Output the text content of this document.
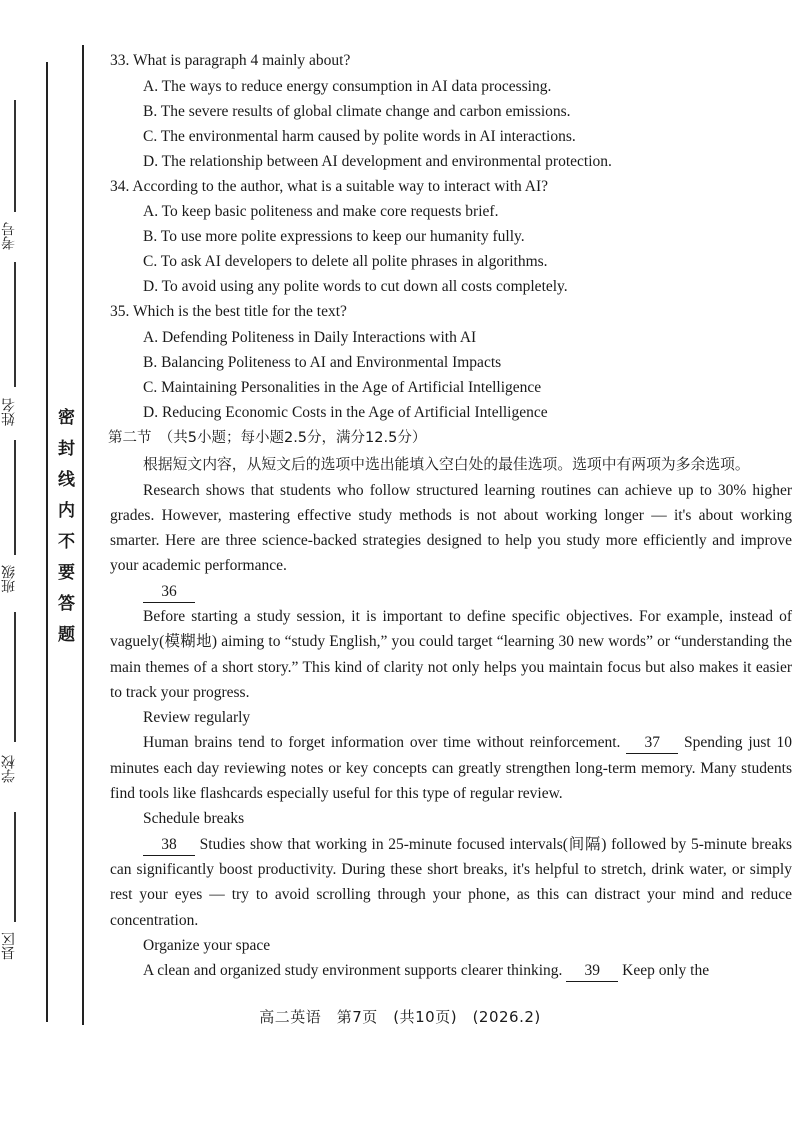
县区
学校
班级
姓名
考号
密封线内不要答题

33. What is paragraph 4 mainly about?

A. The ways to reduce energy consumption in AI data processing.

B. The severe results of global climate change and carbon emissions.

C. The environmental harm caused by polite words in AI interactions.

D. The relationship between AI development and environmental protection.

34. According to the author, what is a suitable way to interact with AI?

A. To keep basic politeness and make core requests brief.

B. To use more polite expressions to keep our humanity fully.

C. To ask AI developers to delete all polite phrases in algorithms.

D. To avoid using any polite words to cut down all costs completely.

35. Which is the best title for the text?

A. Defending Politeness in Daily Interactions with AI

B. Balancing Politeness to AI and Environmental Impacts

C. Maintaining Personalities in the Age of Artificial Intelligence

D. Reducing Economic Costs in the Age of Artificial Intelligence

第二节　（共5小题；每小题2.5分，满分12.5分）

根据短文内容，从短文后的选项中选出能填入空白处的最佳选项。选项中有两项为多余选项。

Research shows that students who follow structured learning routines can achieve up to 30% higher grades. However, mastering effective study methods is not about working longer — it's about working smarter. Here are three science-backed strategies designed to help you study more efficiently and improve your academic performance.

36

Before starting a study session, it is important to define specific objectives. For example, instead of vaguely(模糊地) aiming to “study English,” you could target “learning 30 new words” or “understanding the main themes of a short story.” This kind of clarity not only helps you maintain focus but also makes it easier to track your progress.

Review regularly

Human brains tend to forget information over time without reinforcement. 37 Spending just 10 minutes each day reviewing notes or key concepts can greatly strengthen long-term memory. Many students find tools like flashcards especially useful for this type of regular review.

Schedule breaks

38 Studies show that working in 25-minute focused intervals(间隔) followed by 5-minute breaks can significantly boost productivity. During these short breaks, it's helpful to stretch, drink water, or simply rest your eyes — try to avoid scrolling through your phone, as this can distract your mind and reduce concentration.

Organize your space

A clean and organized study environment supports clearer thinking. 39 Keep only the

高二英语　第7页　(共10页)　(2026.2)
